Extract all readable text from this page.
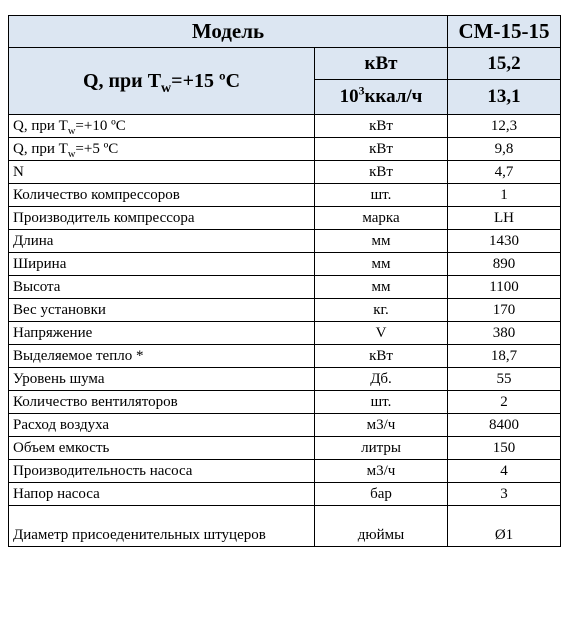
Модель		CM-15-15
Q, при $T_w=+15$ ºC	кВт	15,2
	$10^3ккал/ч$	13,1
Q, при $T_w=+10$ ºC	кВт	12,3
Q, при $T_w=+5$ ºC	кВт	9,8
N	кВт	4,7
Количество компрессоров	шт.	1
Производитель компрессора	марка	LH
Длина	мм	1430
Ширина	мм	890
Высота	мм	1100
Вес установки	кг.	170
Напряжение	V	380
Выделяемое тепло *	кВт	18,7
Уровень шума	Дб.	55
Количество вентиляторов	шт.	2
Расход воздуха	м3/ч	8400
Объем емкость	литры	150
Производительность насоса	м3/ч	4
Напор насоса	бар	3
Диаметр присоеденительных штуцеров	дюймы	Ø1
